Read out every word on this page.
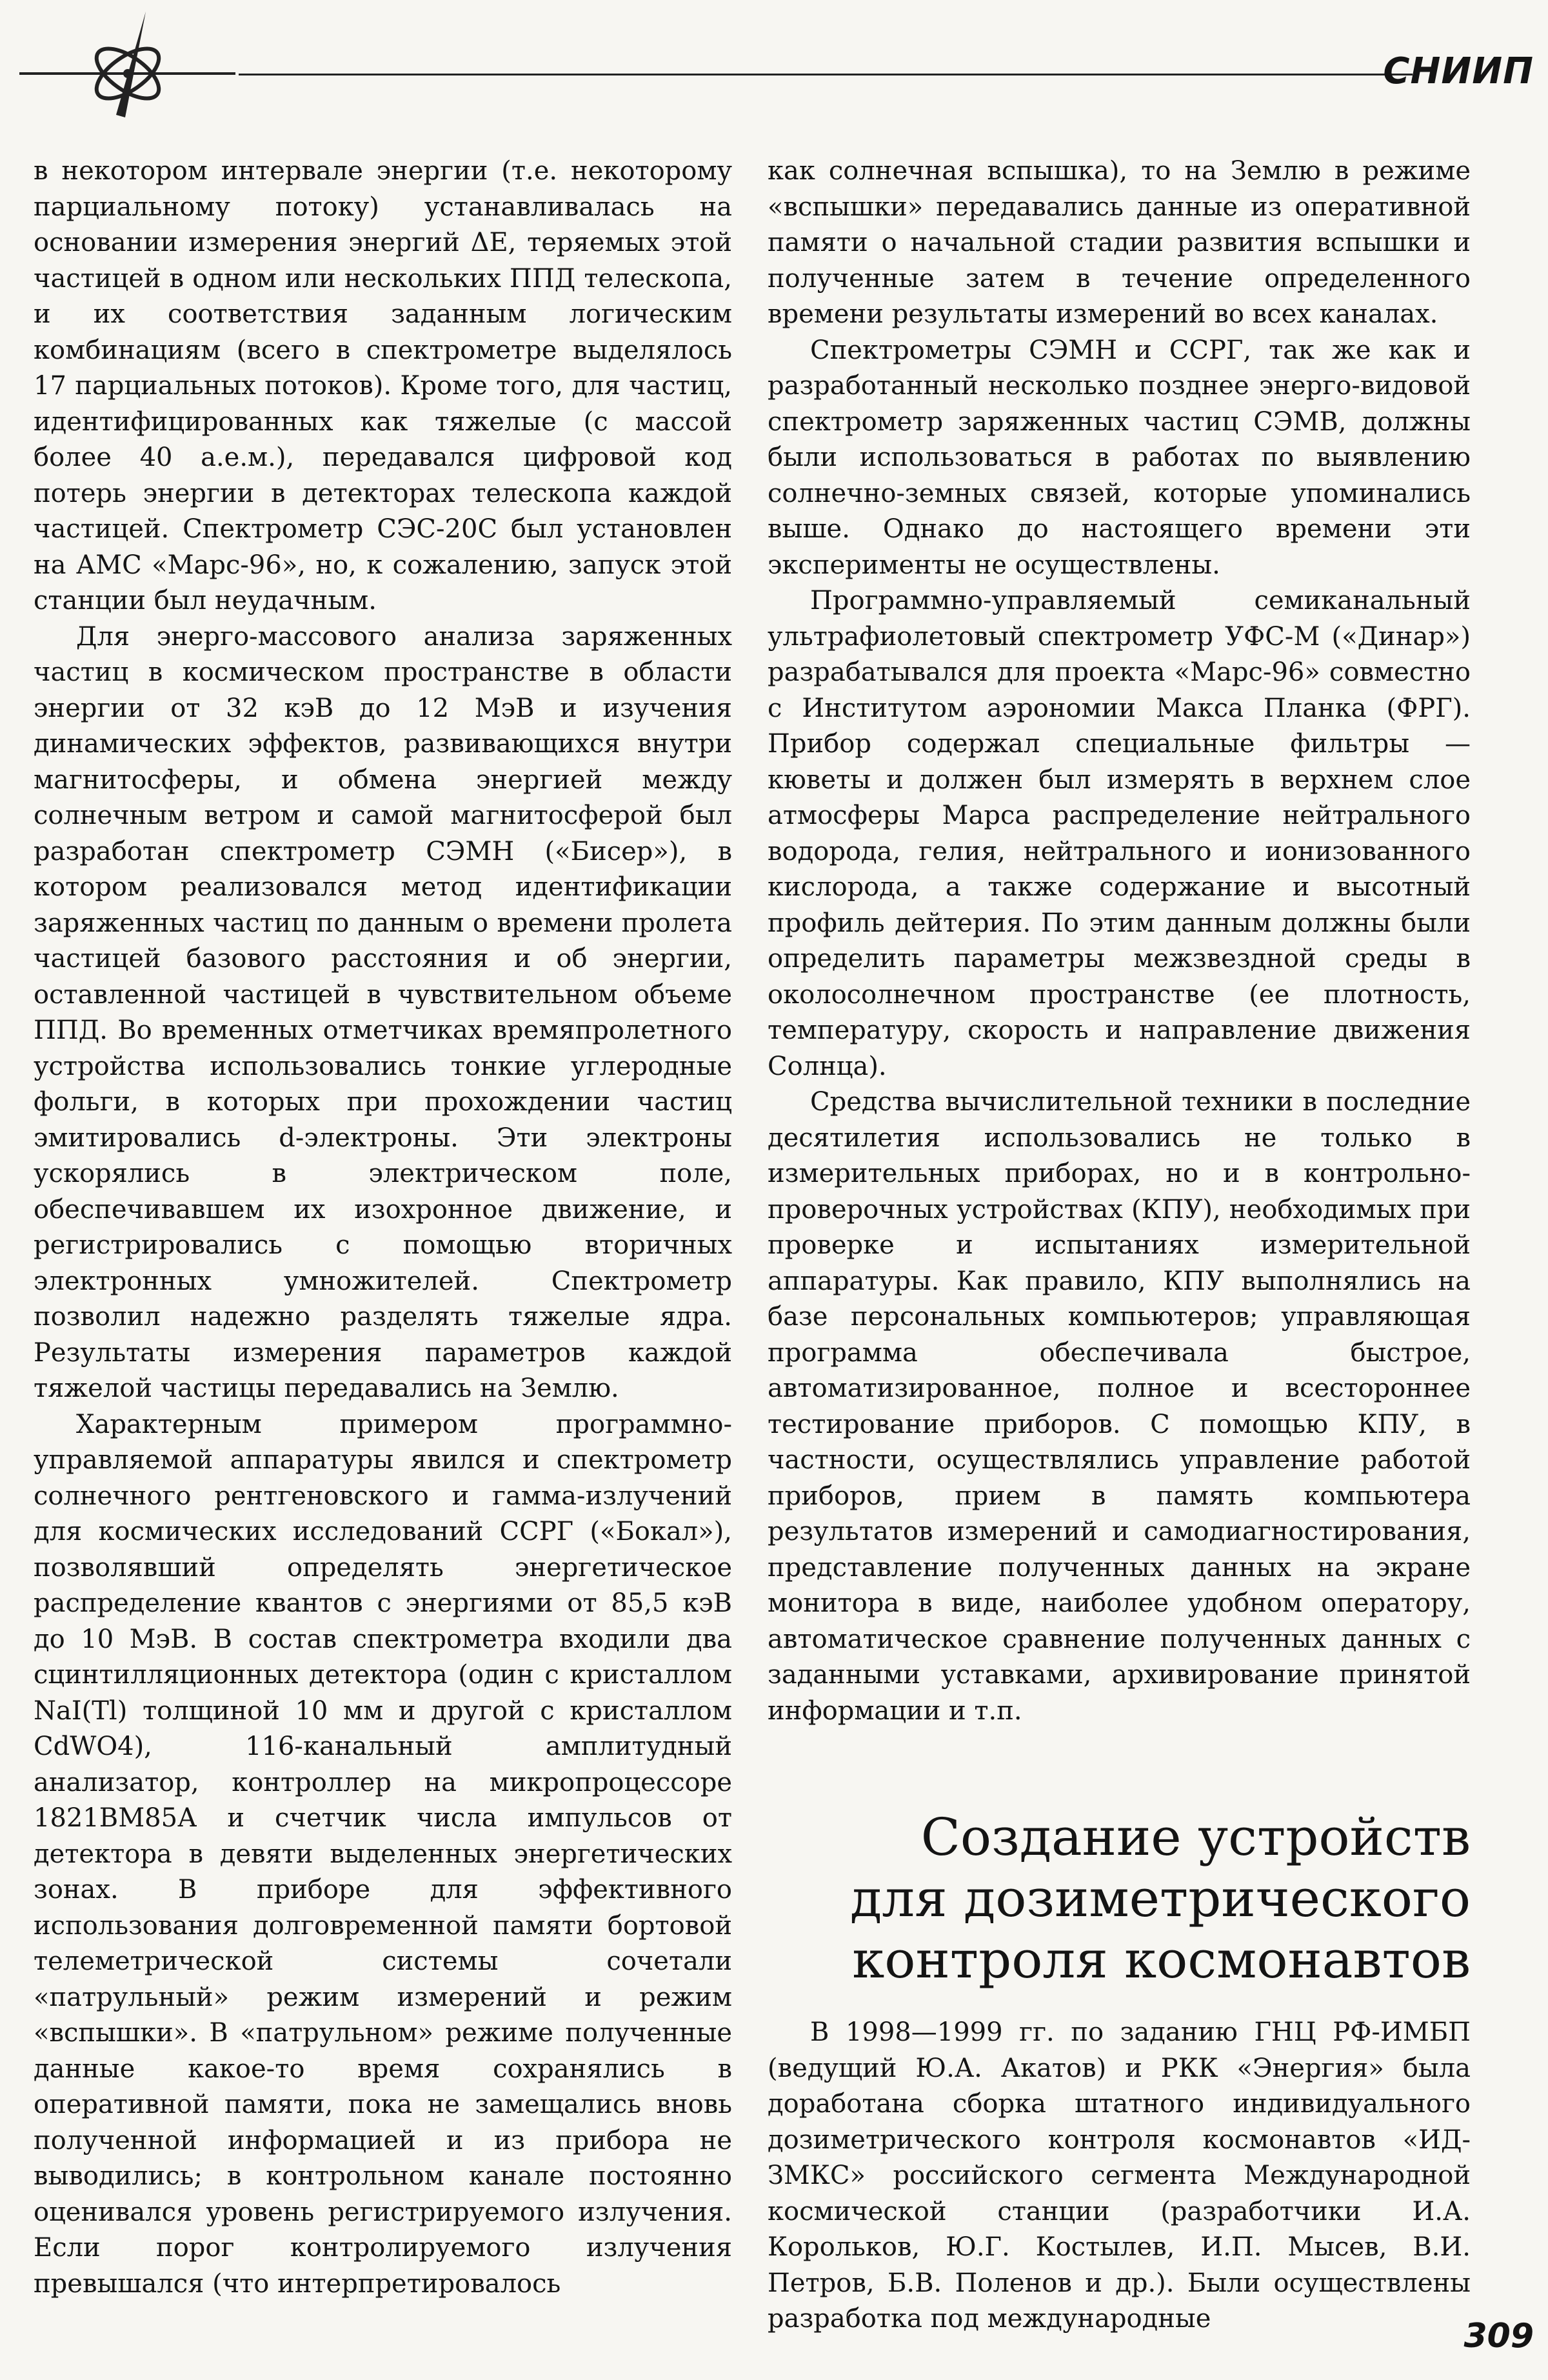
СНИИП

в некотором интервале энергии (т.е. некоторому парциальному потоку) устанавливалась на основании измерения энергий ΔE, теряемых этой частицей в одном или нескольких ППД телескопа, и их соответствия заданным логическим комбинациям (всего в спектрометре выделялось 17 парциальных потоков). Кроме того, для частиц, идентифицированных как тяжелые (с массой более 40 а.е.м.), передавался цифровой код потерь энергии в детекторах телескопа каждой частицей. Спектрометр СЭС-20С был установлен на АМС «Марс-96», но, к сожалению, запуск этой станции был неудачным.

Для энерго-массового анализа заряженных частиц в космическом пространстве в области энергии от 32 кэВ до 12 МэВ и изучения динамических эффектов, развивающихся внутри магнитосферы, и обмена энергией между солнечным ветром и самой магнитосферой был разработан спектрометр СЭМН («Бисер»), в котором реализовался метод идентификации заряженных частиц по данным о времени пролета частицей базового расстояния и об энергии, оставленной частицей в чувствительном объеме ППД. Во временных отметчиках времяпролетного устройства использовались тонкие углеродные фольги, в которых при прохождении частиц эмитировались d-электроны. Эти электроны ускорялись в электрическом поле, обеспечивавшем их изохронное движение, и регистрировались с помощью вторичных электронных умножителей. Спектрометр позволил надежно разделять тяжелые ядра. Результаты измерения параметров каждой тяжелой частицы передавались на Землю.

Характерным примером программно-управляемой аппаратуры явился и спектрометр солнечного рентгеновского и гамма-излучений для космических исследований ССРГ («Бокал»), позволявший определять энергетическое распределение квантов с энергиями от 85,5 кэВ до 10 МэВ. В состав спектрометра входили два сцинтилляционных детектора (один с кристаллом NaI(Tl) толщиной 10 мм и другой с кристаллом CdWO4), 116-канальный амплитудный анализатор, контроллер на микропроцессоре 1821ВМ85А и счетчик числа импульсов от детектора в девяти выделенных энергетических зонах. В приборе для эффективного использования долговременной памяти бортовой телеметрической системы сочетали «патрульный» режим измерений и режим «вспышки». В «патрульном» режиме полученные данные какое-то время сохранялись в оперативной памяти, пока не замещались вновь полученной информацией и из прибора не выводились; в контрольном канале постоянно оценивался уровень регистрируемого излучения. Если порог контролируемого излучения превышался (что интерпретировалось

как солнечная вспышка), то на Землю в режиме «вспышки» передавались данные из оперативной памяти о начальной стадии развития вспышки и полученные затем в течение определенного времени результаты измерений во всех каналах.

Спектрометры СЭМН и ССРГ, так же как и разработанный несколько позднее энерго-видовой спектрометр заряженных частиц СЭМВ, должны были использоваться в работах по выявлению солнечно-земных связей, которые упоминались выше. Однако до настоящего времени эти эксперименты не осуществлены.

Программно-управляемый семиканальный ультрафиолетовый спектрометр УФС-М («Динар») разрабатывался для проекта «Марс-96» совместно с Институтом аэрономии Макса Планка (ФРГ). Прибор содержал специальные фильтры — кюветы и должен был измерять в верхнем слое атмосферы Марса распределение нейтрального водорода, гелия, нейтрального и ионизованного кислорода, а также содержание и высотный профиль дейтерия. По этим данным должны были определить параметры межзвездной среды в околосолнечном пространстве (ее плотность, температуру, скорость и направление движения Солнца).

Средства вычислительной техники в последние десятилетия использовались не только в измерительных приборах, но и в контрольно-проверочных устройствах (КПУ), необходимых при проверке и испытаниях измерительной аппаратуры. Как правило, КПУ выполнялись на базе персональных компьютеров; управляющая программа обеспечивала быстрое, автоматизированное, полное и всестороннее тестирование приборов. С помощью КПУ, в частности, осуществлялись управление работой приборов, прием в память компьютера результатов измерений и самодиагностирования, представление полученных данных на экране монитора в виде, наиболее удобном оператору, автоматическое сравнение полученных данных с заданными уставками, архивирование принятой информации и т.п.

Создание устройств
для дозиметрического
контроля космонавтов

В 1998—1999 гг. по заданию ГНЦ РФ-ИМБП (ведущий Ю.А. Акатов) и РКК «Энергия» была доработана сборка штатного индивидуального дозиметрического контроля космонавтов «ИД-ЗМКС» российского сегмента Международной космической станции (разработчики И.А. Корольков, Ю.Г. Костылев, И.П. Мысев, В.И. Петров, Б.В. Поленов и др.). Были осуществлены разработка под международные	309
